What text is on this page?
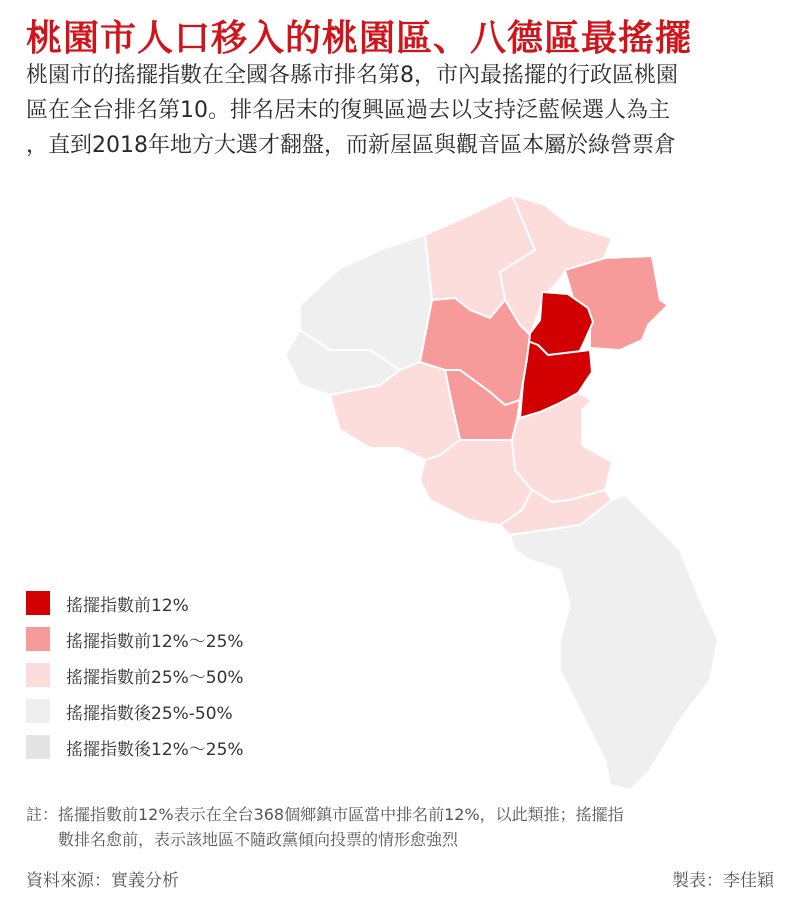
桃園市人口移入的桃園區、八德區最搖擺
桃園市的搖擺指數在全國各縣市排名第8，市內最搖擺的行政區桃園
區在全台排名第10。排名居末的復興區過去以支持泛藍候選人為主
，直到2018年地方大選才翻盤，而新屋區與觀音區本屬於綠營票倉
搖擺指數前12%
搖擺指數前12%～25%
搖擺指數前25%～50%
搖擺指數後25%-50%
搖擺指數後12%～25%
註：搖擺指數前12%表示在全台368個鄉鎮市區當中排名前12%，以此類推；搖擺指
　　數排名愈前，表示該地區不隨政黨傾向投票的情形愈強烈
資料來源：實義分析	製表：李佳穎
